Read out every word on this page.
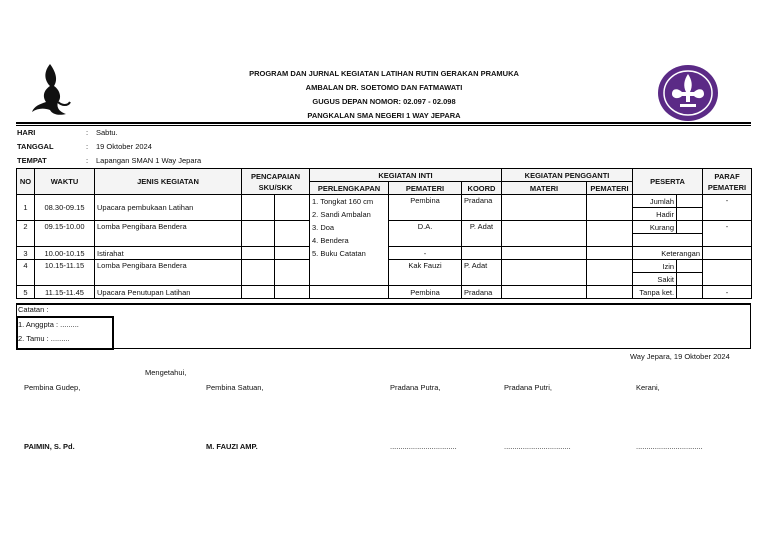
PROGRAM DAN JURNAL KEGIATAN LATIHAN RUTIN GERAKAN PRAMUKA
AMBALAN DR. SOETOMO DAN FATMAWATI
GUGUS DEPAN NOMOR: 02.097 - 02.098
PANGKALAN SMA NEGERI 1 WAY JEPARA
HARI	: Sabtu.
TANGGAL	: 19 Oktober 2024
TEMPAT	: Lapangan SMAN 1 Way Jepara
NO	WAKTU	JENIS KEGIATAN	PENCAPAIAN SKU/SKK		KEGIATAN INTI			KEGIATAN PENGGANTI		PESERTA		PARAF PEMATERI
					PERLENGKAPAN	PEMATERI	KOORD	MATERI	PEMATERI			
1	08.30-09.15	Upacara pembukaan Latihan			1. Tongkat 160 cm	Pembina	Pradana			Jumlah		-
					2. Sandi Ambalan					Hadir		
2	09.15-10.00	Lomba Pengibara Bendera			3. Doa	D.A.	P. Adat			Kurang		-
					4. Bendera							
3	10.00-10.15	Istirahat			5. Buku Catatan	-				Keterangan		
4	10.15-11.15	Lomba Pengibara Bendera				Kak Fauzi	P. Adat			Izin		
										Sakit		
5	11.15-11.45	Upacara Penutupan Latihan				Pembina	Pradana			Tanpa ket.		-
Catatan :
1. Anggpta : .........
2. Tamu : .........
Way Jepara, 19 Oktober 2024
Mengetahui,
Pembina Gudep,	Pembina Satuan,	Pradana Putra,	Pradana Putri,	Kerani,
PAIMIN, S. Pd.	M. FAUZI AMP.	................................	................................	................................
